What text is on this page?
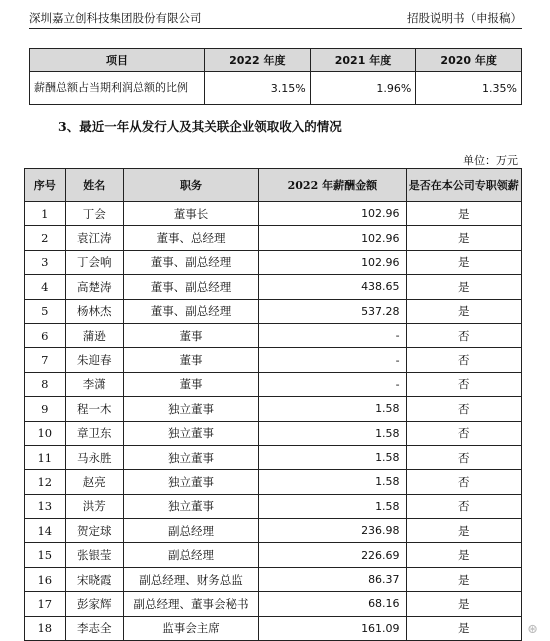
深圳嘉立创科技集团股份有限公司	招股说明书（申报稿）
项目	2022 年度	2021 年度	2020 年度
薪酬总额占当期利润总额的比例	3.15%	1.96%	1.35%
3、最近一年从发行人及其关联企业领取收入的情况
单位：万元
序号	姓名	职务	2022 年薪酬金额	是否在本公司专职领薪
1	丁会	董事长	102.96	是
2	袁江涛	董事、总经理	102.96	是
3	丁会响	董事、副总经理	102.96	是
4	高楚涛	董事、副总经理	438.65	是
5	杨林杰	董事、副总经理	537.28	是
6	蒲逊	董事	-	否
7	朱迎春	董事	-	否
8	李潇	董事	-	否
9	程一木	独立董事	1.58	否
10	章卫东	独立董事	1.58	否
11	马永胜	独立董事	1.58	否
12	赵亮	独立董事	1.58	否
13	洪芳	独立董事	1.58	否
14	贺定球	副总经理	236.98	是
15	张银莹	副总经理	226.69	是
16	宋晓霞	副总经理、财务总监	86.37	是
17	彭家辉	副总经理、董事会秘书	68.16	是
18	李志全	监事会主席	161.09	是	⊛
